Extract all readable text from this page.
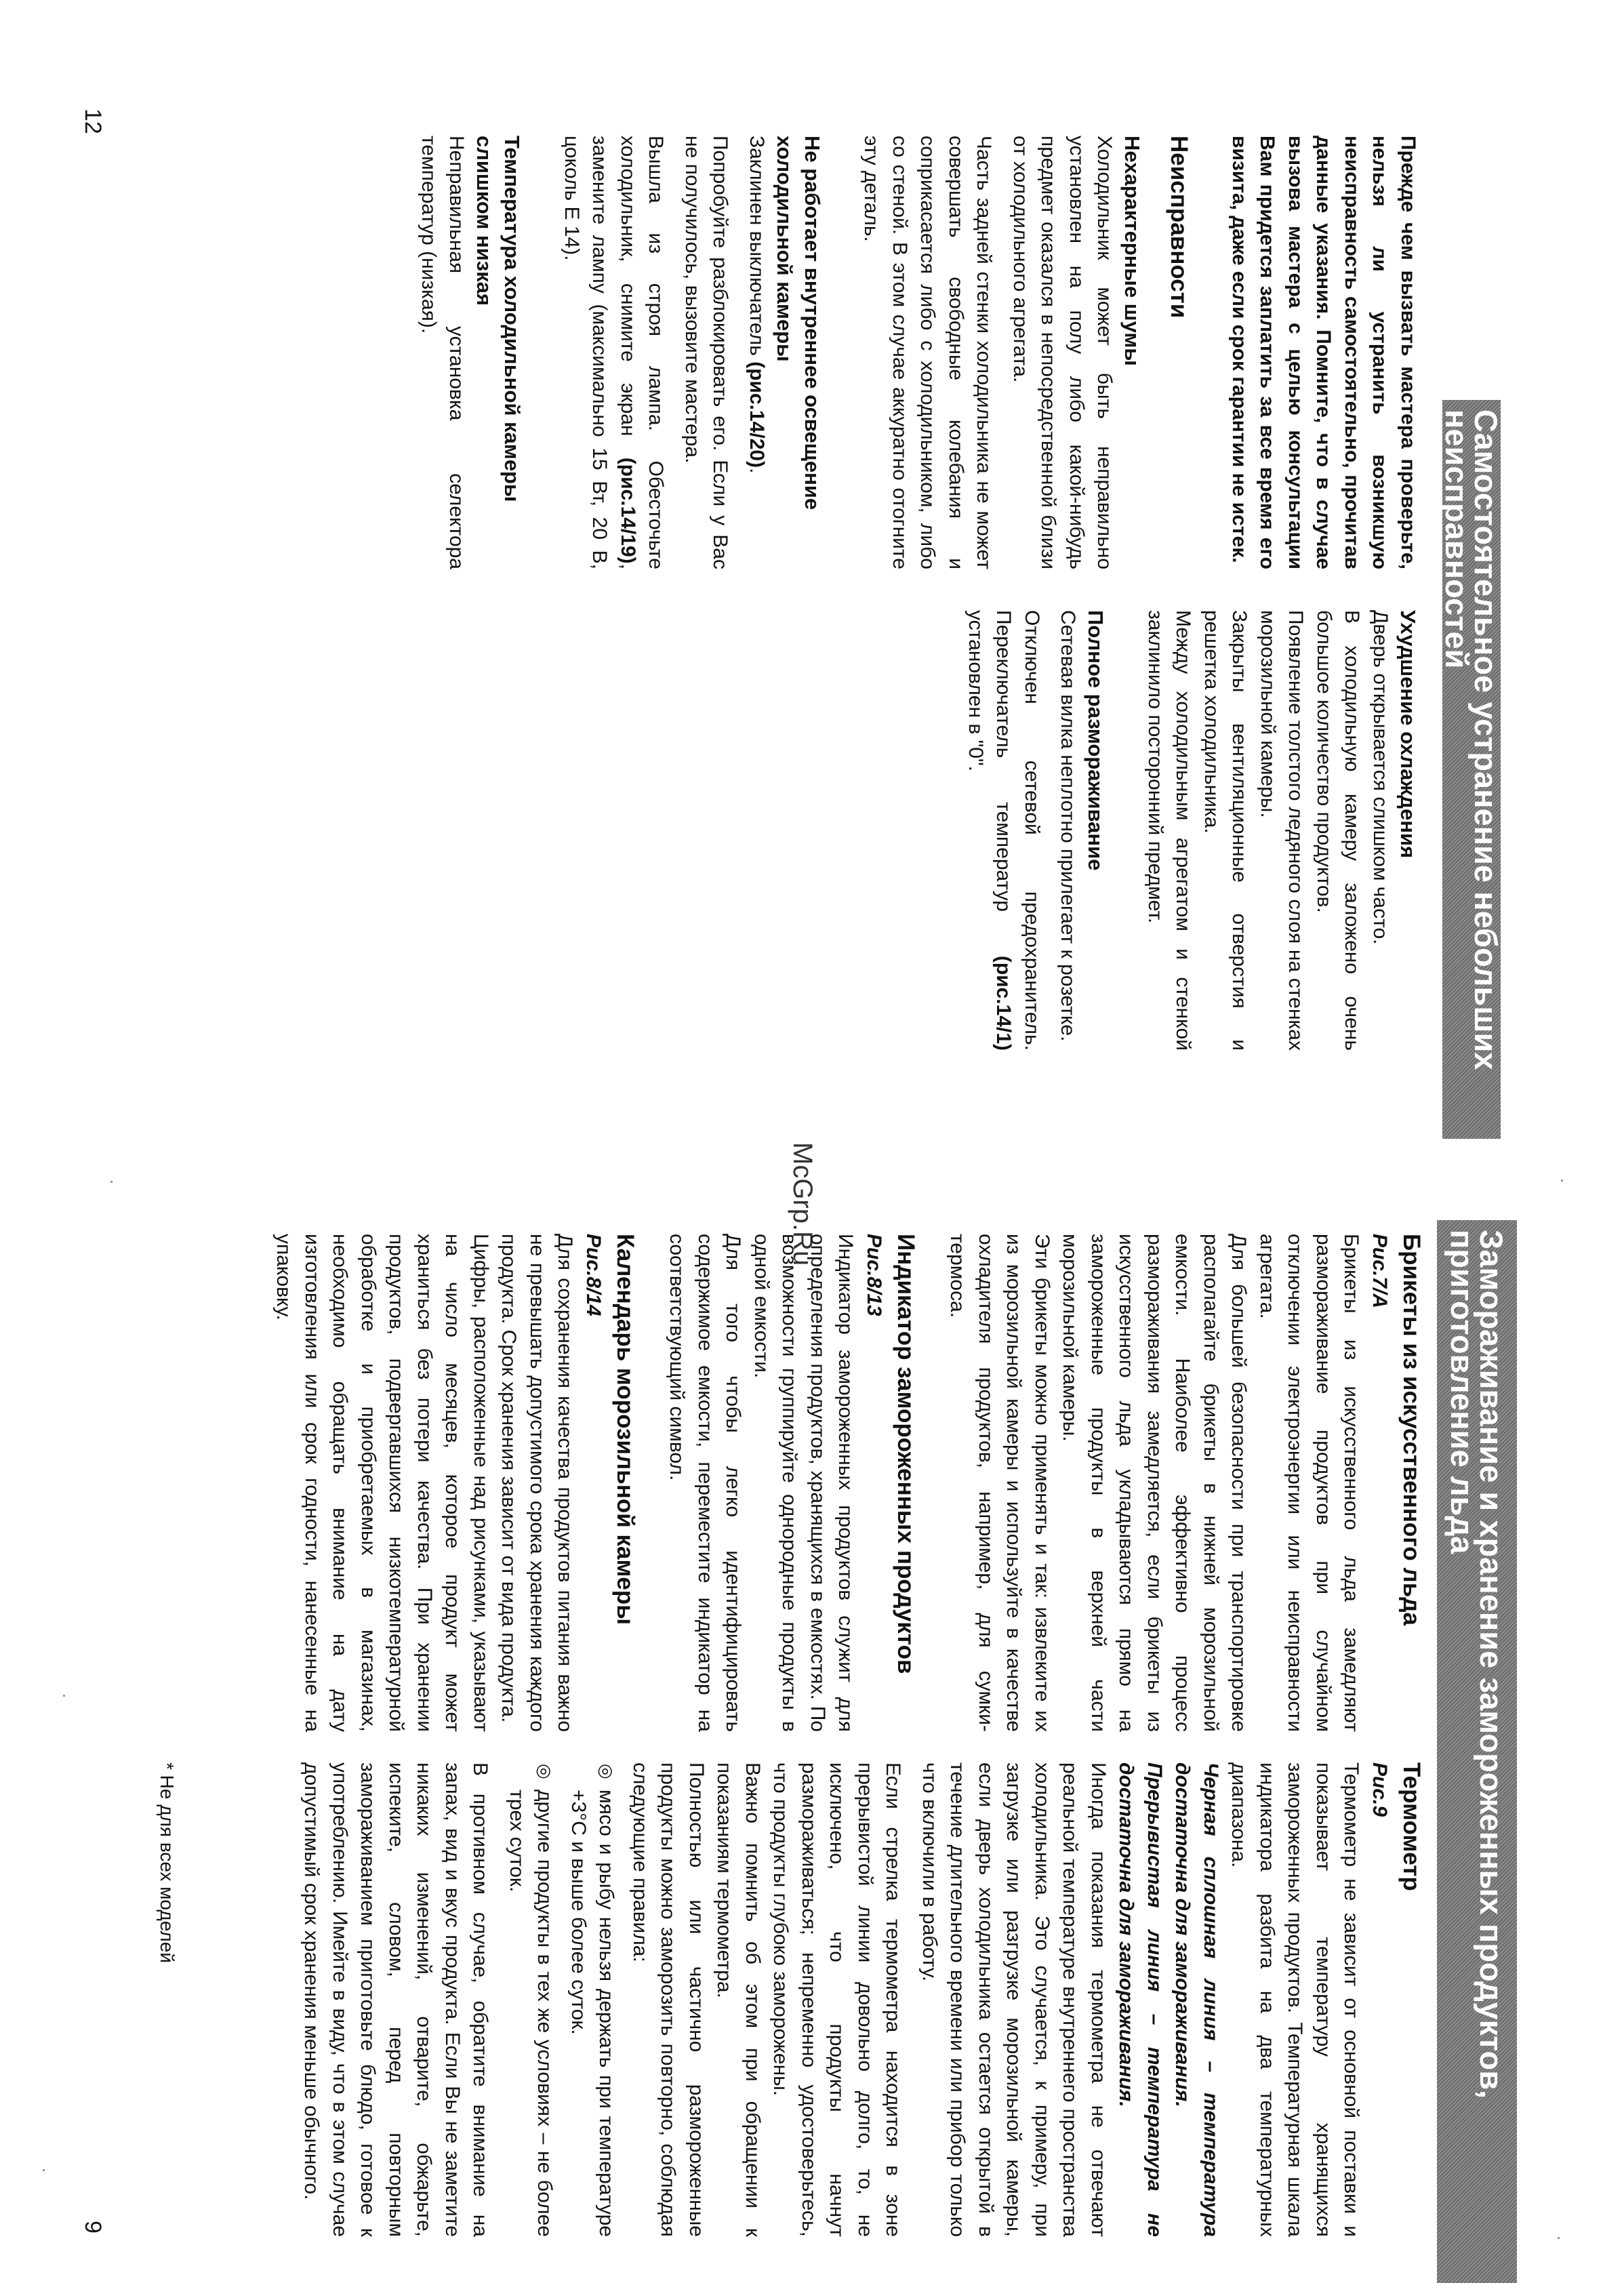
Самостоятельное устранение небольших неисправностей

Прежде чем вызвать мастера проверьте, нельзя ли устранить возникшую неисправность самостоятельно, прочитав данные указания. Помните, что в случае вызова мастера с целью консультации Вам придется заплатить за все время его визита, даже если срок гарантии не истек.

Неисправности
Нехарактерные шумы

Холодильник может быть неправильно установлен на полу либо какой-нибудь предмет оказался в непосредственной близи от холодильного агрегата.

Часть задней стенки холодильника не может совершать свободные колебания и соприкасается либо с холодильником, либо со стеной. В этом случае аккуратно отогните эту деталь.

Не работает внутреннее освещение холодильной камеры

Заклинен выключатель (рис.14/20).

Попробуйте разблокировать его. Если у Вас не получилось, вызовите мастера.

Вышла из строя лампа. Обесточьте холодильник, снимите экран (рис.14/19), замените лампу (максимально 15 Вт, 20 В, цоколь Е 14).

Температура холодильной камеры слишком низкая

Неправильная установка селектора температур (низкая).

Ухудшение охлаждения

Дверь открывается слишком часто.

В холодильную камеру заложено очень большое количество продуктов.

Появление толстого ледяного слоя на стенках морозильной камеры.

Закрыты вентиляционные отверстия и решетка холодильника.

Между холодильным агрегатом и стенкой заклинило посторонний предмет.

Полное размораживание

Сетевая вилка неплотно прилегает к розетке.

Отключен сетевой предохранитель. Переключатель температур (рис.14/1) установлен в "0".

12
McGrp.Ru
Замораживание и хранение замороженных продуктов,
приготовление льда
Брикеты из искусственного льда

Рис.7/А

Брикеты из искусственного льда замедляют размораживание продуктов при случайном отключении электроэнергии или неисправности агрегата.

Для большей безопасности при транспортировке располагайте брикеты в нижней морозильной емкости. Наиболее эффективно процесс размораживания замедляется, если брикеты из искусственного льда укладываются прямо на замороженные продукты в верхней части морозильной камеры.

Эти брикеты можно применять и так: извлеките их из морозильной камеры и используйте в качестве охладителя продуктов, например, для сумки-термоса.

Индикатор замороженных продуктов

Рис.8/13

Индикатор замороженных продуктов служит для определения продуктов, хранящихся в емкостях. По возможности группируйте однородные продукты в одной емкости.

Для того чтобы легко идентифицировать содержимое емкости, переместите индикатор на соответствующий символ.

Календарь морозильной камеры

Рис.8/14

Для сохранения качества продуктов питания важно не превышать допустимого срока хранения каждого продукта. Срок хранения зависит от вида продукта.

Цифры, расположенные над рисунками, указывают на число месяцев, которое продукт может храниться без потери качества. При хранении продуктов, подвергавшихся низкотемпературной обработке и приобретаемых в магазинах, необходимо обращать внимание на дату изготовления или срок годности, нанесенные на упаковку.

Термометр

Рис.9

Термометр не зависит от основной поставки и показывает температуру хранящихся замороженных продуктов. Температурная шкала индикатора разбита на два температурных диапазона.

Черная сплошная линия – температура достаточна для замораживания.

Прерывистая линия – температура не достаточна для замораживания.

Иногда показания термометра не отвечают реальной температуре внутреннего пространства холодильника. Это случается, к примеру, при загрузке или разгрузке морозильной камеры, если дверь холодильника остается открытой в течение длительного времени или прибор только что включили в работу.

Если стрелка термометра находится в зоне прерывистой линии довольно долго, то, не исключено, что продукты начнут размораживаться; непременно удостоверьтесь, что продукты глубоко заморожены.

Важно помнить об этом при обращении к показаниям термометра.

Полностью или частично размороженные продукты можно заморозить повторно, соблюдая следующие правила:

◎ мясо и рыбу нельзя держать при температуре +3°С и выше более суток.
◎ другие продукты в тех же условиях – не более трех суток.

В противном случае, обратите внимание на запах, вид и вкус продукта. Если Вы не заметите никаких изменений, отварите, обжарьте, испеките, словом, перед повторным замораживанием приготовьте блюдо, готовое к употреблению. Имейте в виду, что в этом случае допустимый срок хранения меньше обычного.

* Не для всех моделей
9
